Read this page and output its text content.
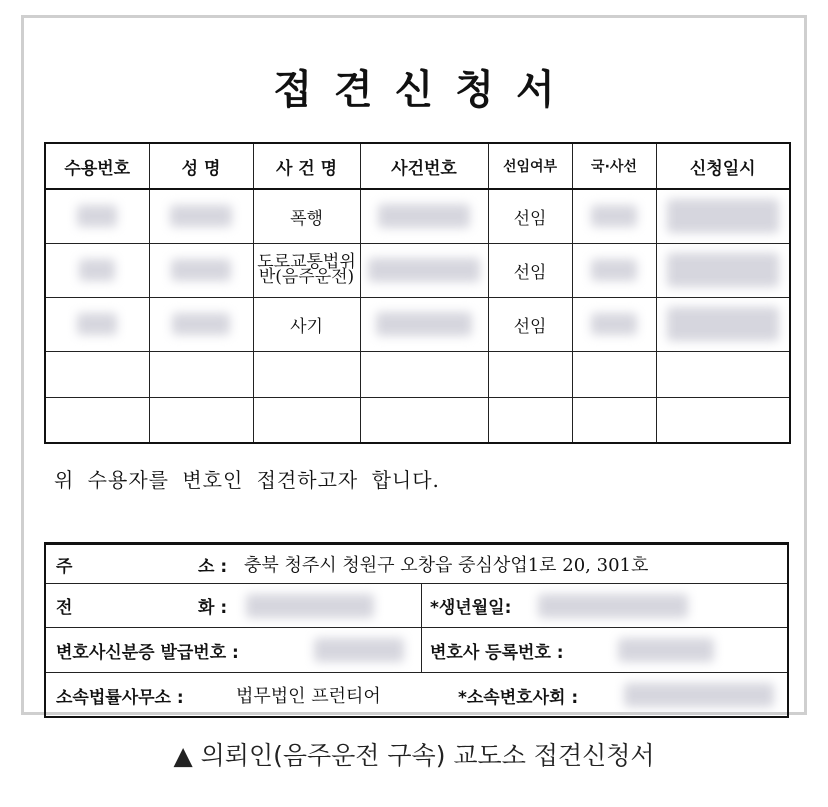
접견신청서
수용번호	성 명	사 건 명	사건번호	선임여부	국·사선	신청일시
		폭행		선임		
		도로교통법위반(음주운전)		선임		
		사기		선임		

위 수용자를 변호인 접견하고자 합니다.
주	소 : 충북 청주시 청원구 오창읍 중심상업1로 20, 301호
전	화 :	*생년월일:
변호사신분증 발급번호 :	변호사 등록번호 :
소속법률사무소 :	법무법인 프런티어	*소속변호사회 :
▲ 의뢰인(음주운전 구속) 교도소 접견신청서
